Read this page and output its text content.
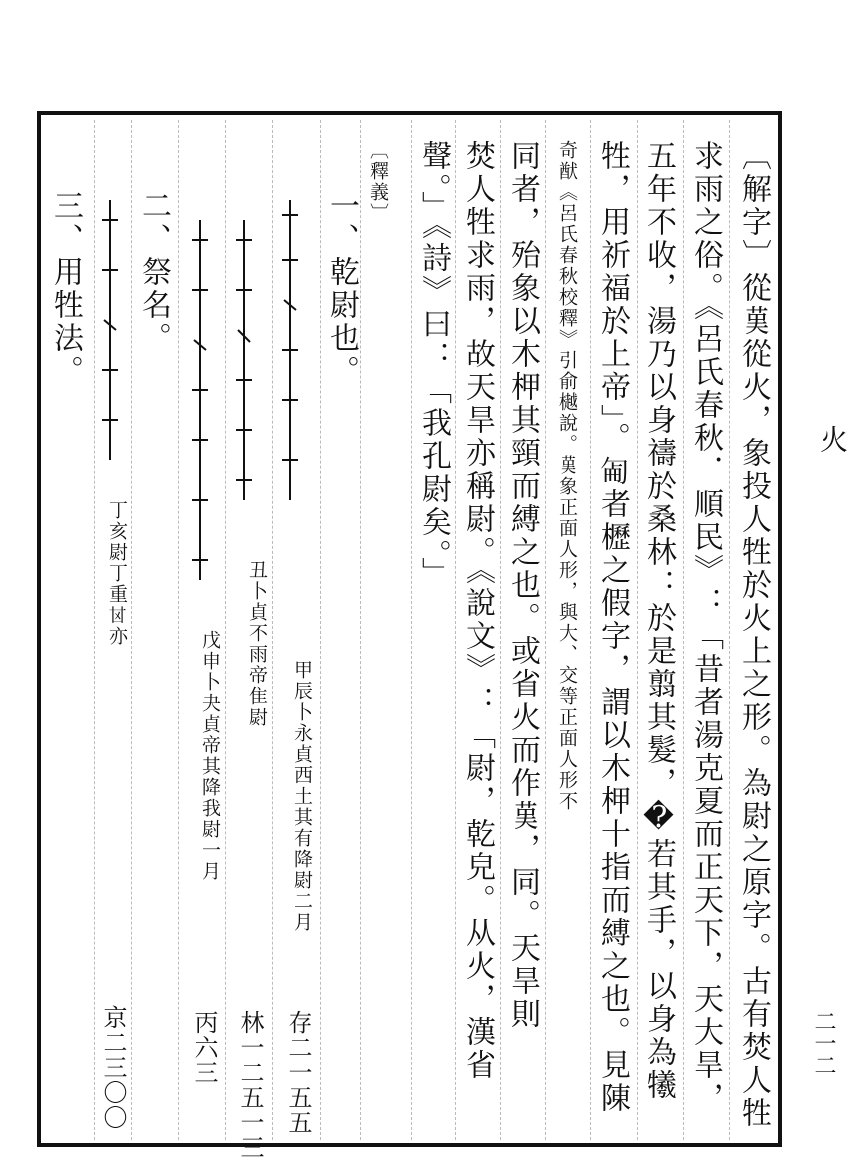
火
二一二
〔解字〕從𦰩從火，象投人牲於火上之形。為㷉之原字。古有焚人牲
求雨之俗。《呂氏春秋．順民》：「昔者湯克夏而正天下，天大旱，
五年不收，湯乃以身禱於桑林：於是翦其髮，�若其手，以身為犧
牲，用祈福於上帝」。𠣠者櫪之假字，謂以木柙十指而縛之也。見陳
奇猷《呂氏春秋校釋》引俞樾說。𦰩象正面人形，與大、交等正面人形不
同者，殆象以木柙其頸而縛之也。或省火而作𦰩，同。天旱則
焚人牲求雨，故天旱亦稱㷉。《說文》：「㷉，乾皃。从火，漢省
聲。」《詩》曰：「我孔㷉矣。」
〔釋義〕
一、乾㷉也。
甲辰卜永貞西土其有降㷉二月
存二一五五
丑卜貞不雨帝隹㷉
林一二五一三
戊申卜夬貞帝其降我㷉一月
丙六三
二、祭名。
丁亥㷉丁重𠀠亦
京二三〇〇
三、用牲法。
